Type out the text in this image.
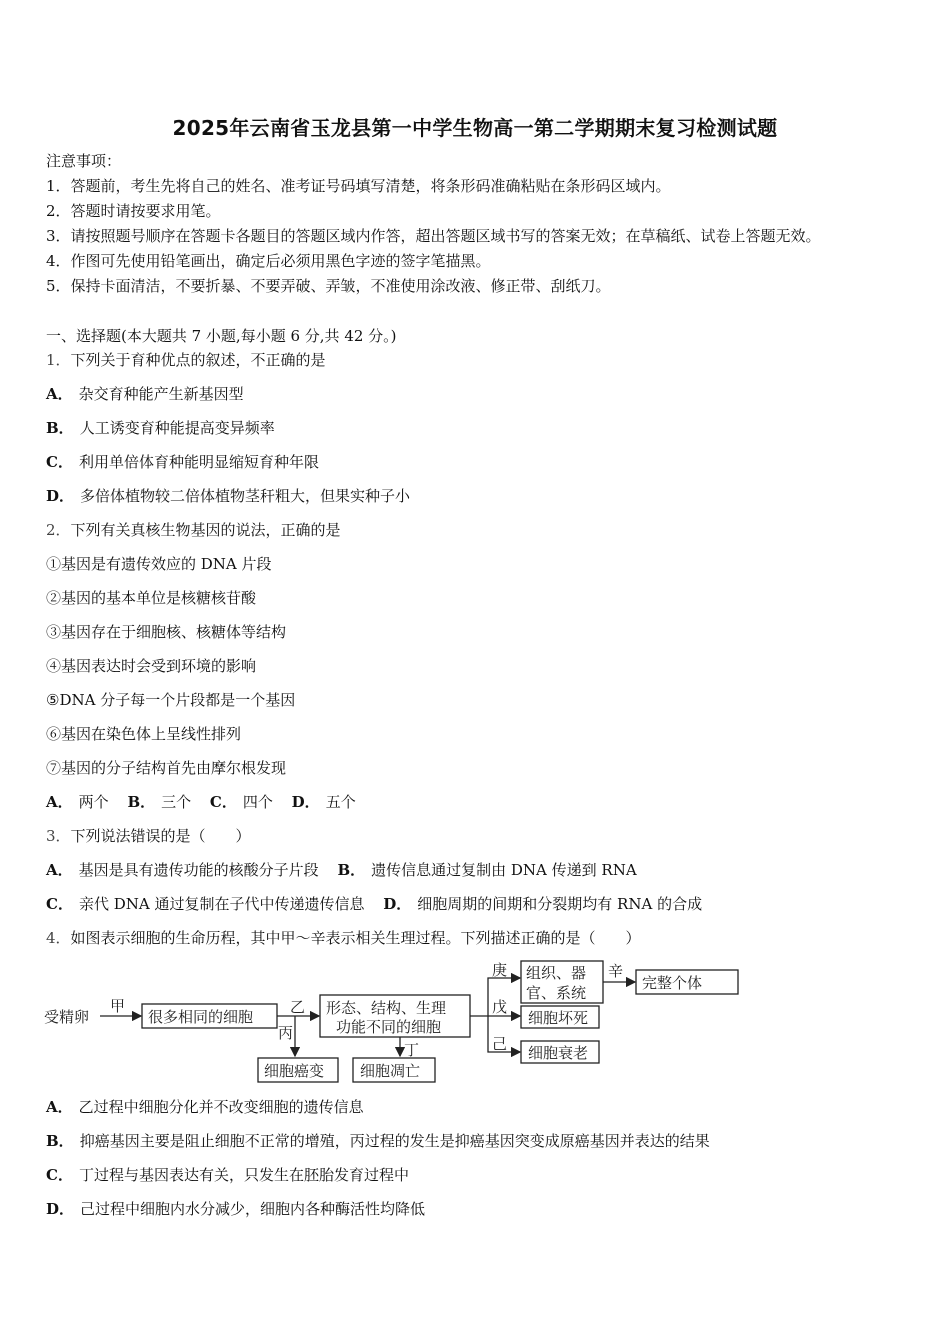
2025年云南省玉龙县第一中学生物高一第二学期期末复习检测试题
注意事项：
1．答题前，考生先将自己的姓名、准考证号码填写清楚，将条形码准确粘贴在条形码区域内。
2．答题时请按要求用笔。
3．请按照题号顺序在答题卡各题目的答题区域内作答，超出答题区域书写的答案无效；在草稿纸、试卷上答题无效。
4．作图可先使用铅笔画出，确定后必须用黑色字迹的签字笔描黑。
5．保持卡面清洁，不要折暴、不要弄破、弄皱，不准使用涂改液、修正带、刮纸刀。
一、选择题(本大题共 7 小题,每小题 6 分,共 42 分。)
1．下列关于育种优点的叙述，不正确的是
A． 杂交育种能产生新基因型
B． 人工诱变育种能提高变异频率
C． 利用单倍体育种能明显缩短育种年限
D． 多倍体植物较二倍体植物茎秆粗大，但果实种子小
2．下列有关真核生物基因的说法，正确的是
①基因是有遗传效应的 DNA 片段
②基因的基本单位是核糖核苷酸
③基因存在于细胞核、核糖体等结构
④基因表达时会受到环境的影响
⑤DNA 分子每一个片段都是一个基因
⑥基因在染色体上呈线性排列
⑦基因的分子结构首先由摩尔根发现
A． 两个 B． 三个 C． 四个 D． 五个
3．下列说法错误的是（　　）
A． 基因是具有遗传功能的核酸分子片段 B． 遗传信息通过复制由 DNA 传递到 RNA
C． 亲代 DNA 通过复制在子代中传递遗传信息 D． 细胞周期的间期和分裂期均有 RNA 的合成
4．如图表示细胞的生命历程，其中甲～辛表示相关生理过程。下列描述正确的是（　　）
受精卵	很多相同的细胞	形态、结构、生理
功能不同的细胞
组织、器
官、系统
完整个体
细胞坏死
细胞衰老
细胞癌变 细胞凋亡
甲	乙
丙
丁
庚
戊
己
辛
A． 乙过程中细胞分化并不改变细胞的遗传信息
B． 抑癌基因主要是阻止细胞不正常的增殖，丙过程的发生是抑癌基因突变成原癌基因并表达的结果
C． 丁过程与基因表达有关，只发生在胚胎发育过程中
D． 己过程中细胞内水分减少，细胞内各种酶活性均降低
